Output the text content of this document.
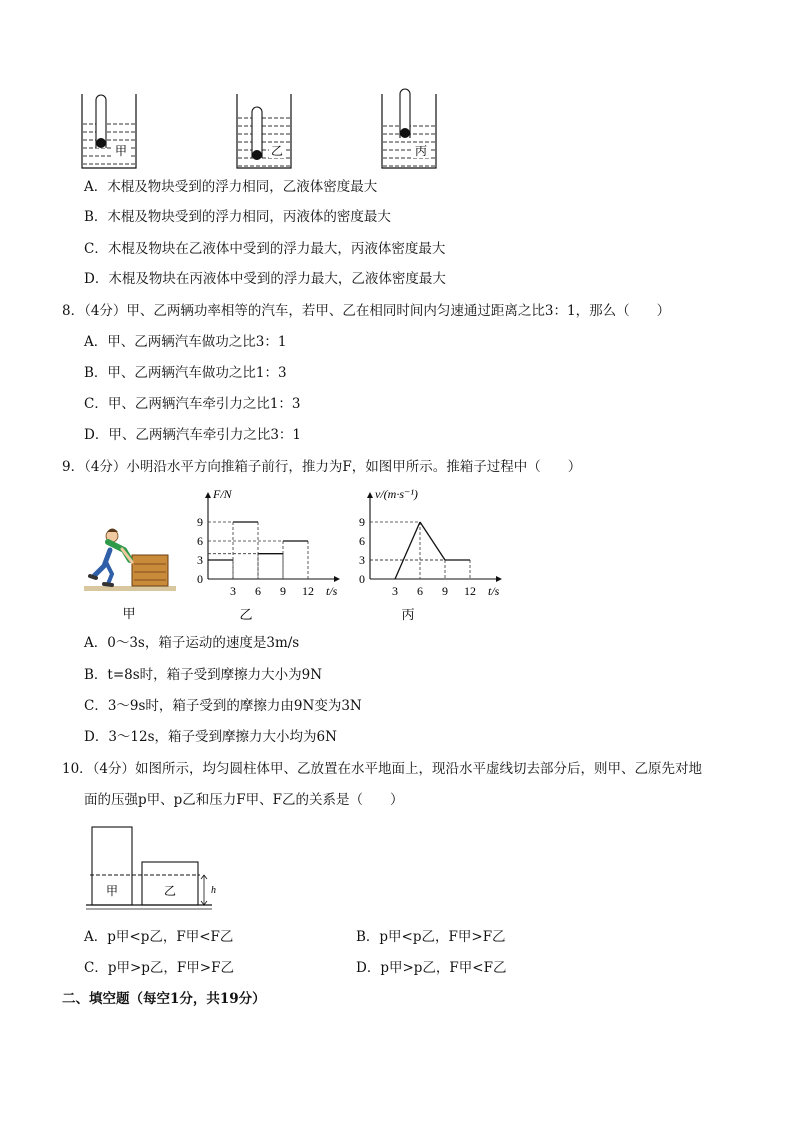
甲	乙	丙
A．木棍及物块受到的浮力相同，乙液体密度最大
B．木棍及物块受到的浮力相同，丙液体的密度最大
C．木棍及物块在乙液体中受到的浮力最大，丙液体密度最大
D．木棍及物块在丙液体中受到的浮力最大，乙液体密度最大
8．（4分）甲、乙两辆功率相等的汽车，若甲、乙在相同时间内匀速通过距离之比3：1，那么（　　）
A．甲、乙两辆汽车做功之比3：1
B．甲、乙两辆汽车做功之比1：3
C．甲、乙两辆汽车牵引力之比1：3
D．甲、乙两辆汽车牵引力之比3：1
9．（4分）小明沿水平方向推箱子前行，推力为F，如图甲所示。推箱子过程中（　　）
甲
0
3
6
9
3 6 9 12 t/s
F/N
乙
0
3
6
9
3 6 9 12 t/s
v/(m·s⁻¹)
丙
A．0～3s，箱子运动的速度是3m/s
B．t=8s时，箱子受到摩擦力大小为9N
C．3～9s时，箱子受到的摩擦力由9N变为3N
D．3～12s，箱子受到摩擦力大小均为6N
10．（4分）如图所示，均匀圆柱体甲、乙放置在水平地面上，现沿水平虚线切去部分后，则甲、乙原先对地
面的压强p甲、p乙和压力F甲、F乙的关系是（　　）
甲	乙	h
A．p甲<p乙，F甲<F乙	B．p甲<p乙，F甲>F乙
C．p甲>p乙，F甲>F乙	D．p甲>p乙，F甲<F乙
二、填空题（每空1分，共19分）
